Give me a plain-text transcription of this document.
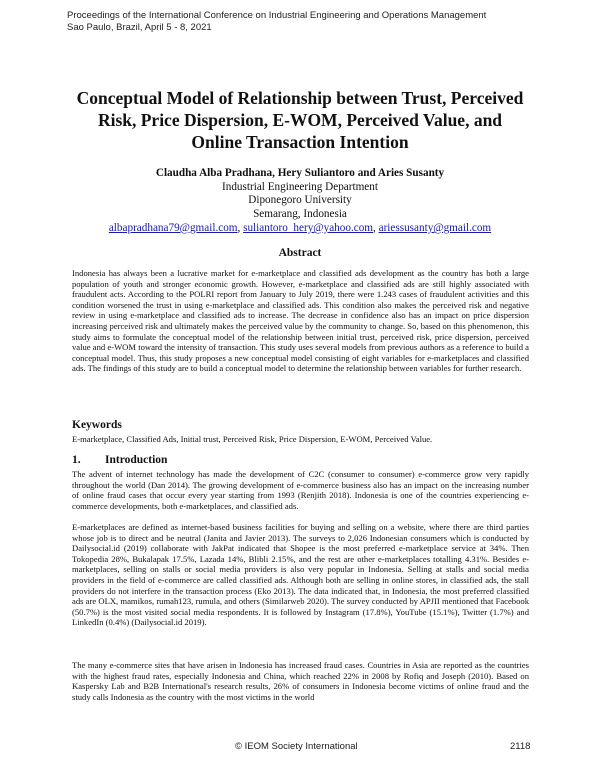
Proceedings of the International Conference on Industrial Engineering and Operations Management
Sao Paulo, Brazil, April 5 - 8, 2021
Conceptual Model of Relationship between Trust, Perceived
Risk, Price Dispersion, E-WOM, Perceived Value, and
Online Transaction Intention
Claudha Alba Pradhana, Hery Suliantoro and Aries Susanty
Industrial Engineering Department
Diponegoro University
Semarang, Indonesia
albapradhana79@gmail.com, suliantoro_hery@yahoo.com, ariessusanty@gmail.com
Abstract

Indonesia has always been a lucrative market for e-marketplace and classified ads development as the country has both a large population of youth and stronger economic growth. However, e-marketplace and classified ads are still highly associated with fraudulent acts. According to the POLRI report from January to July 2019, there were 1.243 cases of fraudulent activities and this condition worsened the trust in using e-marketplace and classified ads. This condition also makes the perceived risk and negative review in using e-marketplace and classified ads to increase. The decrease in confidence also has an impact on price dispersion increasing perceived risk and ultimately makes the perceived value by the community to change. So, based on this phenomenon, this study aims to formulate the conceptual model of the relationship between initial trust, perceived risk, price dispersion, perceived value and e-WOM toward the intensity of transaction. This study uses several models from previous authors as a reference to build a conceptual model. Thus, this study proposes a new conceptual model consisting of eight variables for e-marketplaces and classified ads. The findings of this study are to build a conceptual model to determine the relationship between variables for further research.

Keywords

E-marketplace, Classified Ads, Initial trust, Perceived Risk, Price Dispersion, E-WOM, Perceived Value.

1. Introduction

The advent of internet technology has made the development of C2C (consumer to consumer) e-commerce grow very rapidly throughout the world (Dan 2014). The growing development of e-commerce business also has an impact on the increasing number of online fraud cases that occur every year starting from 1993 (Renjith 2018). Indonesia is one of the countries experiencing e-commerce developments, both e-marketplaces, and classified ads.

E-marketplaces are defined as internet-based business facilities for buying and selling on a website, where there are third parties whose job is to direct and be neutral (Janita and Javier 2013). The surveys to 2,026 Indonesian consumers which is conducted by Dailysocial.id (2019) collaborate with JakPat indicated that Shopee is the most preferred e-marketplace service at 34%. Then Tokopedia 28%, Bukalapak 17.5%, Lazada 14%, Blibli 2.15%, and the rest are other e-marketplaces totalling 4.31%. Besides e-marketplaces, selling on stalls or social media providers is also very popular in Indonesia. Selling at stalls and social media providers in the field of e-commerce are called classified ads. Although both are selling in online stores, in classified ads, the stall providers do not interfere in the transaction process (Eko 2013). The data indicated that, in Indonesia, the most preferred classified ads are OLX, mamikos, rumah123, rumula, and others (Similarweb 2020). The survey conducted by APJII mentioned that Facebook (50.7%) is the most visited social media respondents. It is followed by Instagram (17.8%), YouTube (15.1%), Twitter (1.7%) and LinkedIn (0.4%) (Dailysocial.id 2019).

The many e-commerce sites that have arisen in Indonesia has increased fraud cases. Countries in Asia are reported as the countries with the highest fraud rates, especially Indonesia and China, which reached 22% in 2008 by Rofiq and Joseph (2010). Based on Kaspersky Lab and B2B International's research results, 26% of consumers in Indonesia become victims of online fraud and the study calls Indonesia as the country with the most victims in the world

© IEOM Society International	2118
